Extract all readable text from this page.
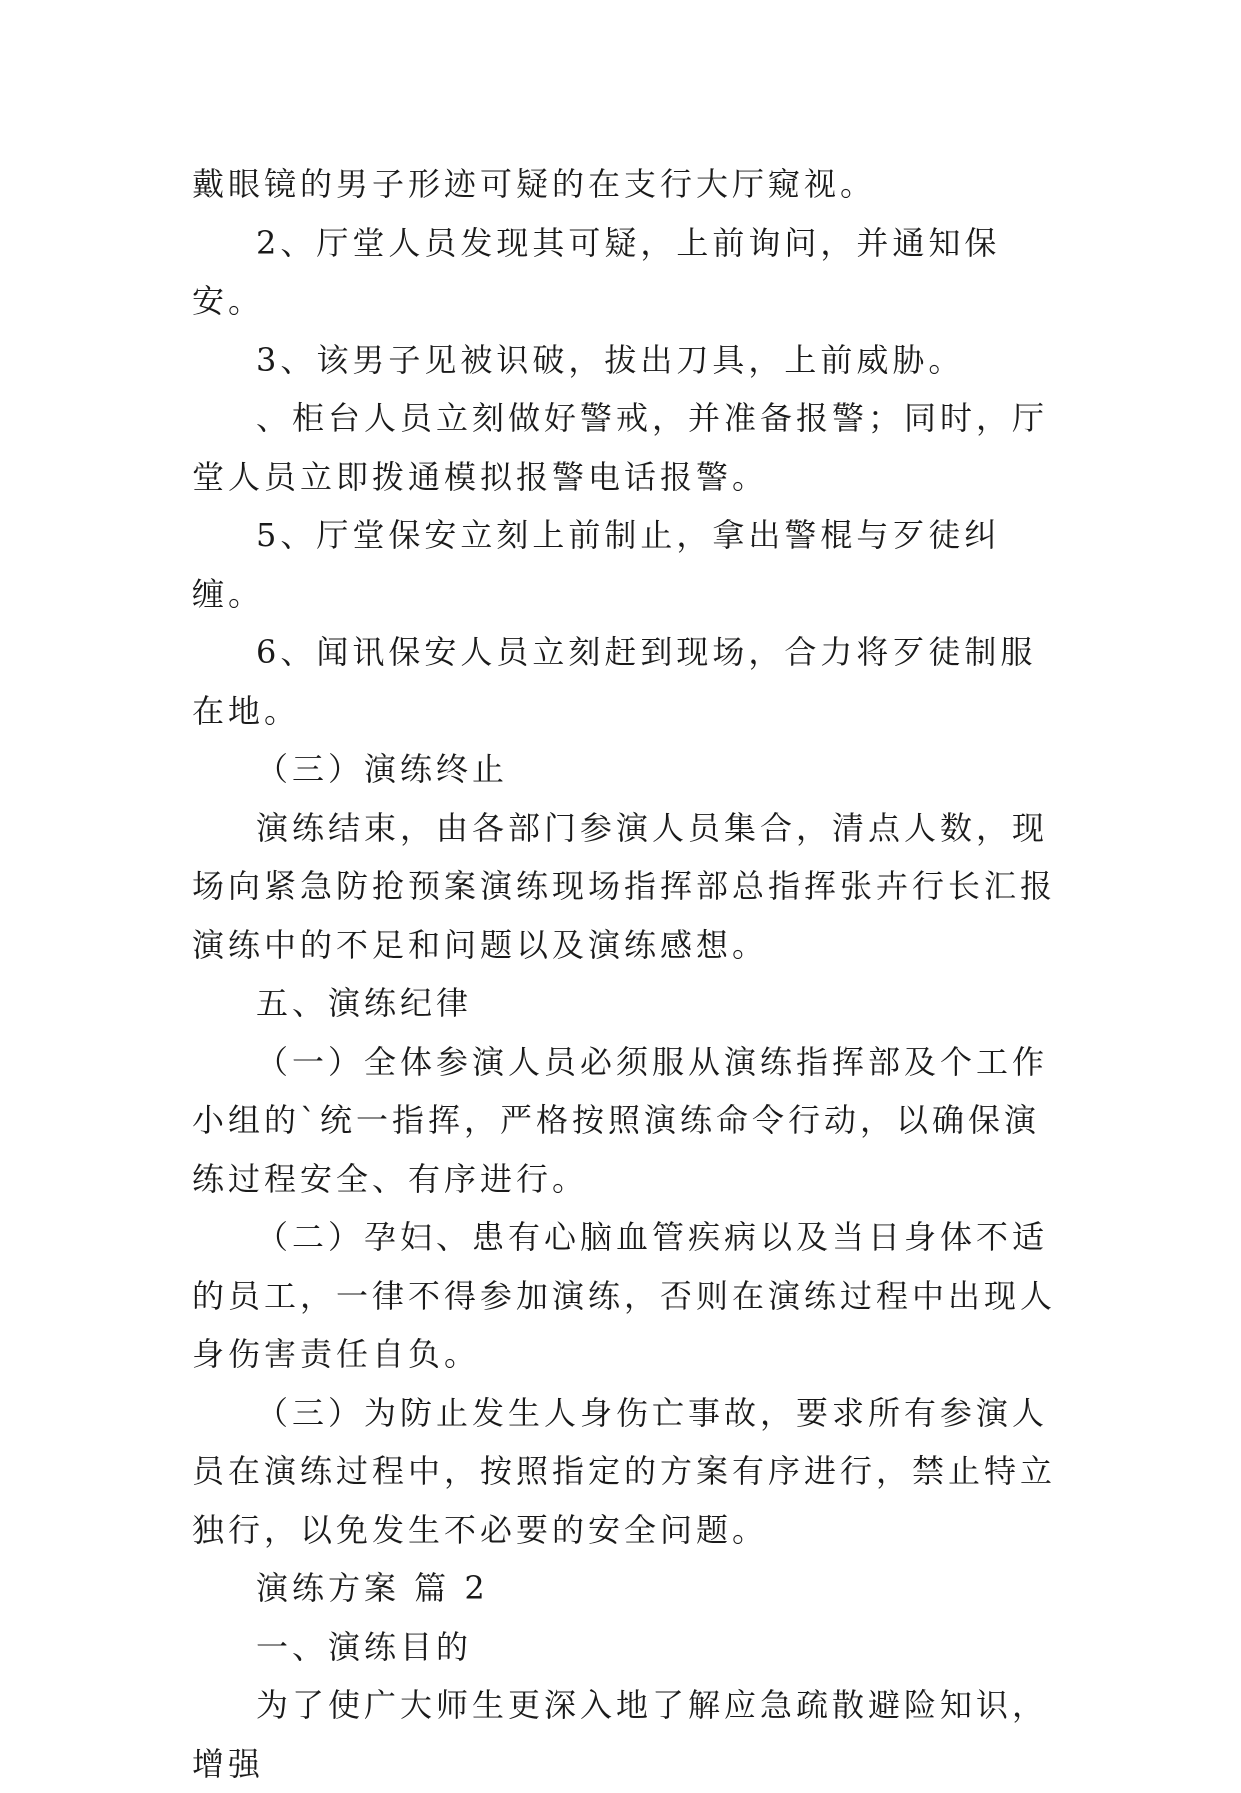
戴眼镜的男子形迹可疑的在支行大厅窥视。

2、厅堂人员发现其可疑，上前询问，并通知保安。

3、该男子见被识破，拔出刀具，上前威胁。

、柜台人员立刻做好警戒，并准备报警；同时，厅堂人员立即拨通模拟报警电话报警。

5、厅堂保安立刻上前制止，拿出警棍与歹徒纠缠。

6、闻讯保安人员立刻赶到现场，合力将歹徒制服在地。

（三）演练终止

演练结束，由各部门参演人员集合，清点人数，现场向紧急防抢预案演练现场指挥部总指挥张卉行长汇报演练中的不足和问题以及演练感想。

五、演练纪律

（一）全体参演人员必须服从演练指挥部及个工作小组的`统一指挥，严格按照演练命令行动，以确保演练过程安全、有序进行。

（二）孕妇、患有心脑血管疾病以及当日身体不适的员工，一律不得参加演练，否则在演练过程中出现人身伤害责任自负。

（三）为防止发生人身伤亡事故，要求所有参演人员在演练过程中，按照指定的方案有序进行，禁止特立独行，以免发生不必要的安全问题。

演练方案 篇 2

一、演练目的

为了使广大师生更深入地了解应急疏散避险知识，增强
